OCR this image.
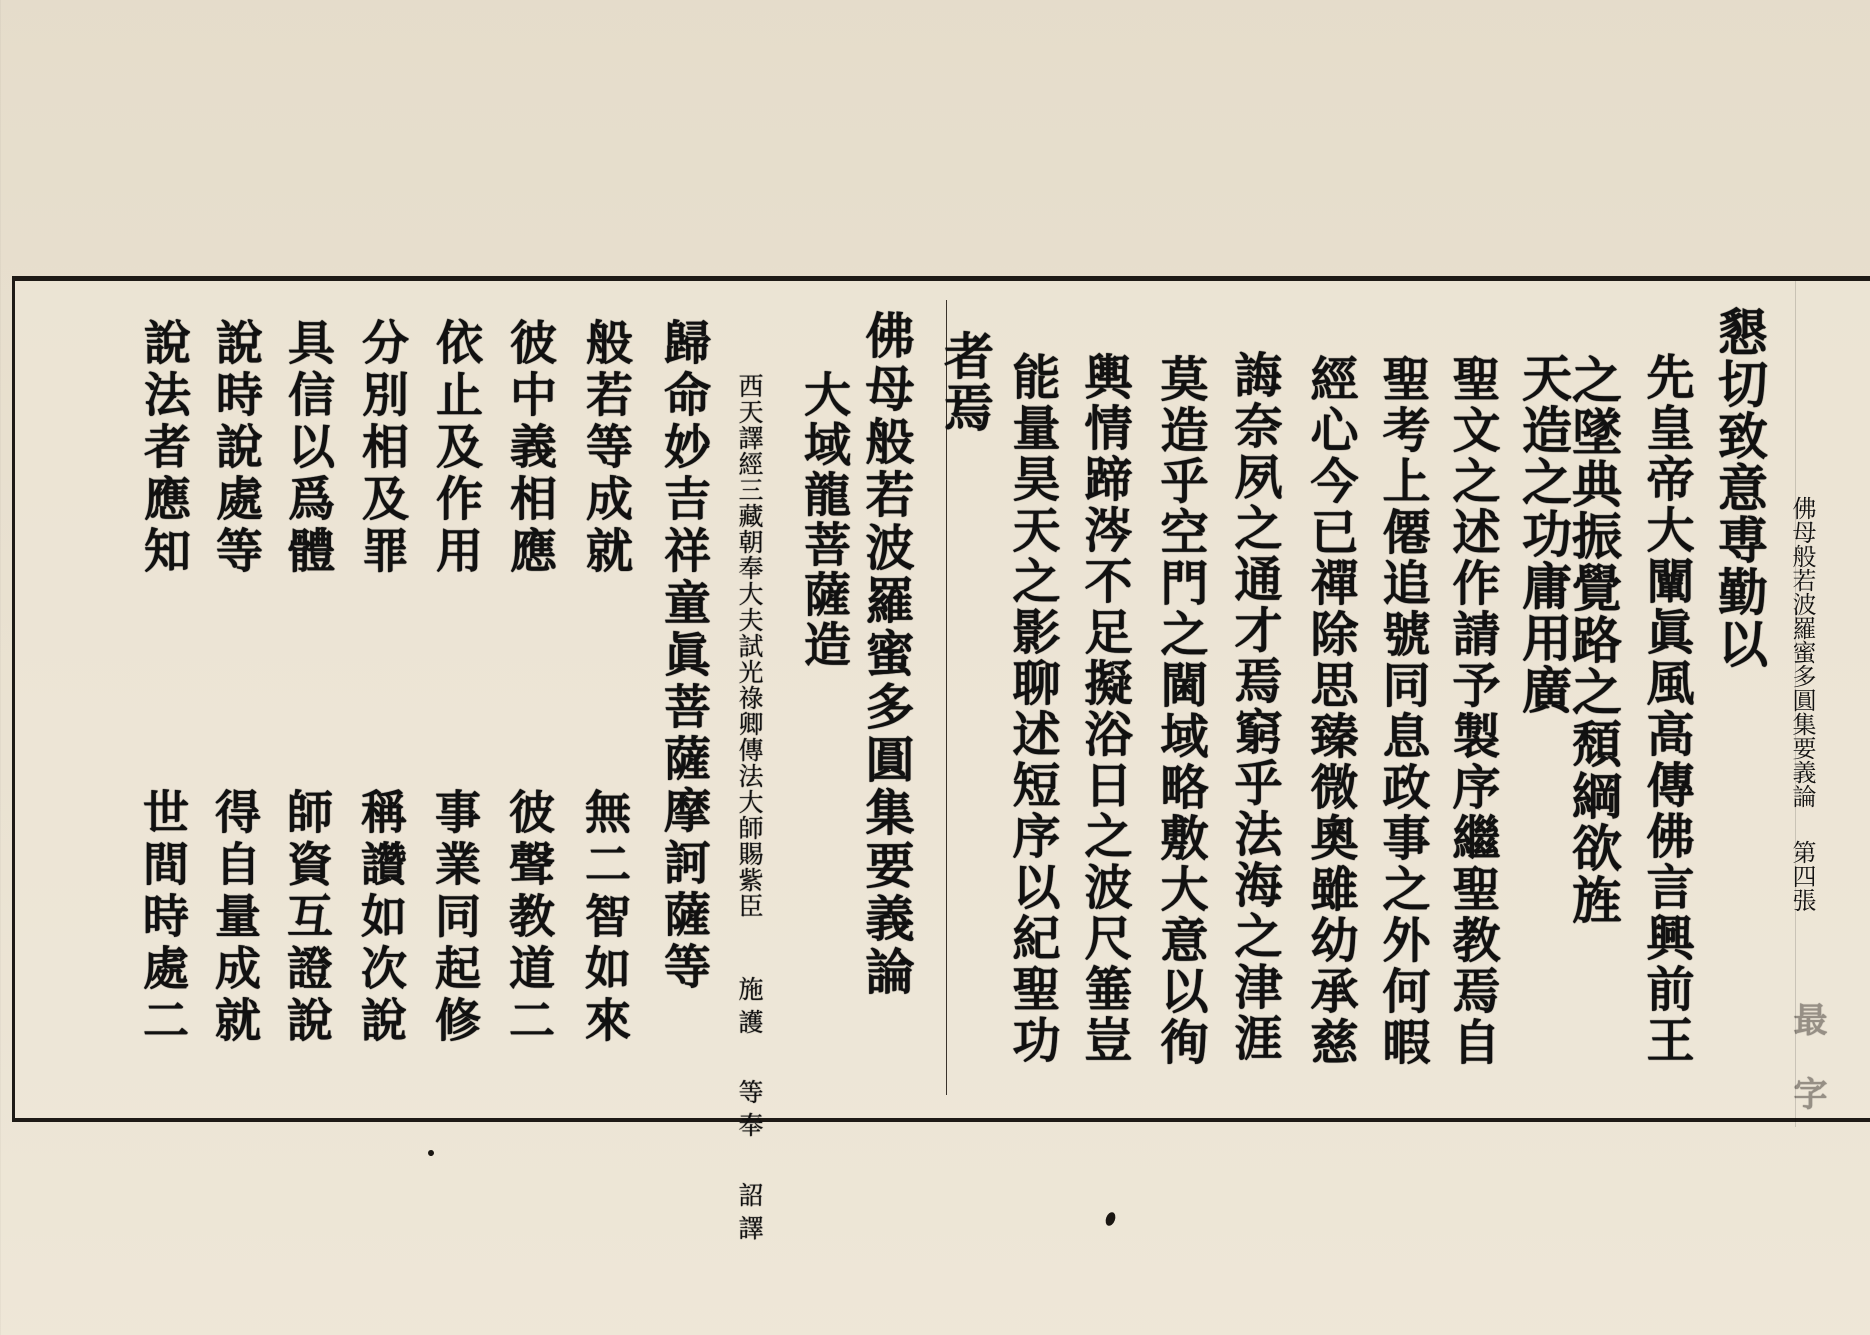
佛母般若波羅蜜多圓集要義論
第四張
懇切致意尃勤以
先皇帝大闡眞風高傳佛言興前王
之墜典振覺路之頹綱欲旌
天造之功庸用廣
聖文之述作請予製序繼聖教焉自
聖考上僊追號同息政事之外何暇
經心今已禪除思臻微奧雖幼承慈
誨奈夙之通才焉窮乎法海之津涯
莫造乎空門之閫域略敷大意以徇
輿情蹄涔不足擬浴日之波尺箠豈
能量昊天之影聊述短序以紀聖功
者焉
佛母般若波羅蜜多圓集要義論
大域龍菩薩造
西天譯經三藏朝奉大夫試光祿卿傳法大師賜紫臣
施護 等奉 詔譯
歸命妙吉祥童眞菩薩摩訶薩等
般若等成就
彼中義相應
依止及作用
分別相及罪
具信以爲體
說時說處等
說法者應知
無二智如來
彼聲教道二
事業同起修
稱讚如次說
師資互證說
得自量成就
世間時處二
